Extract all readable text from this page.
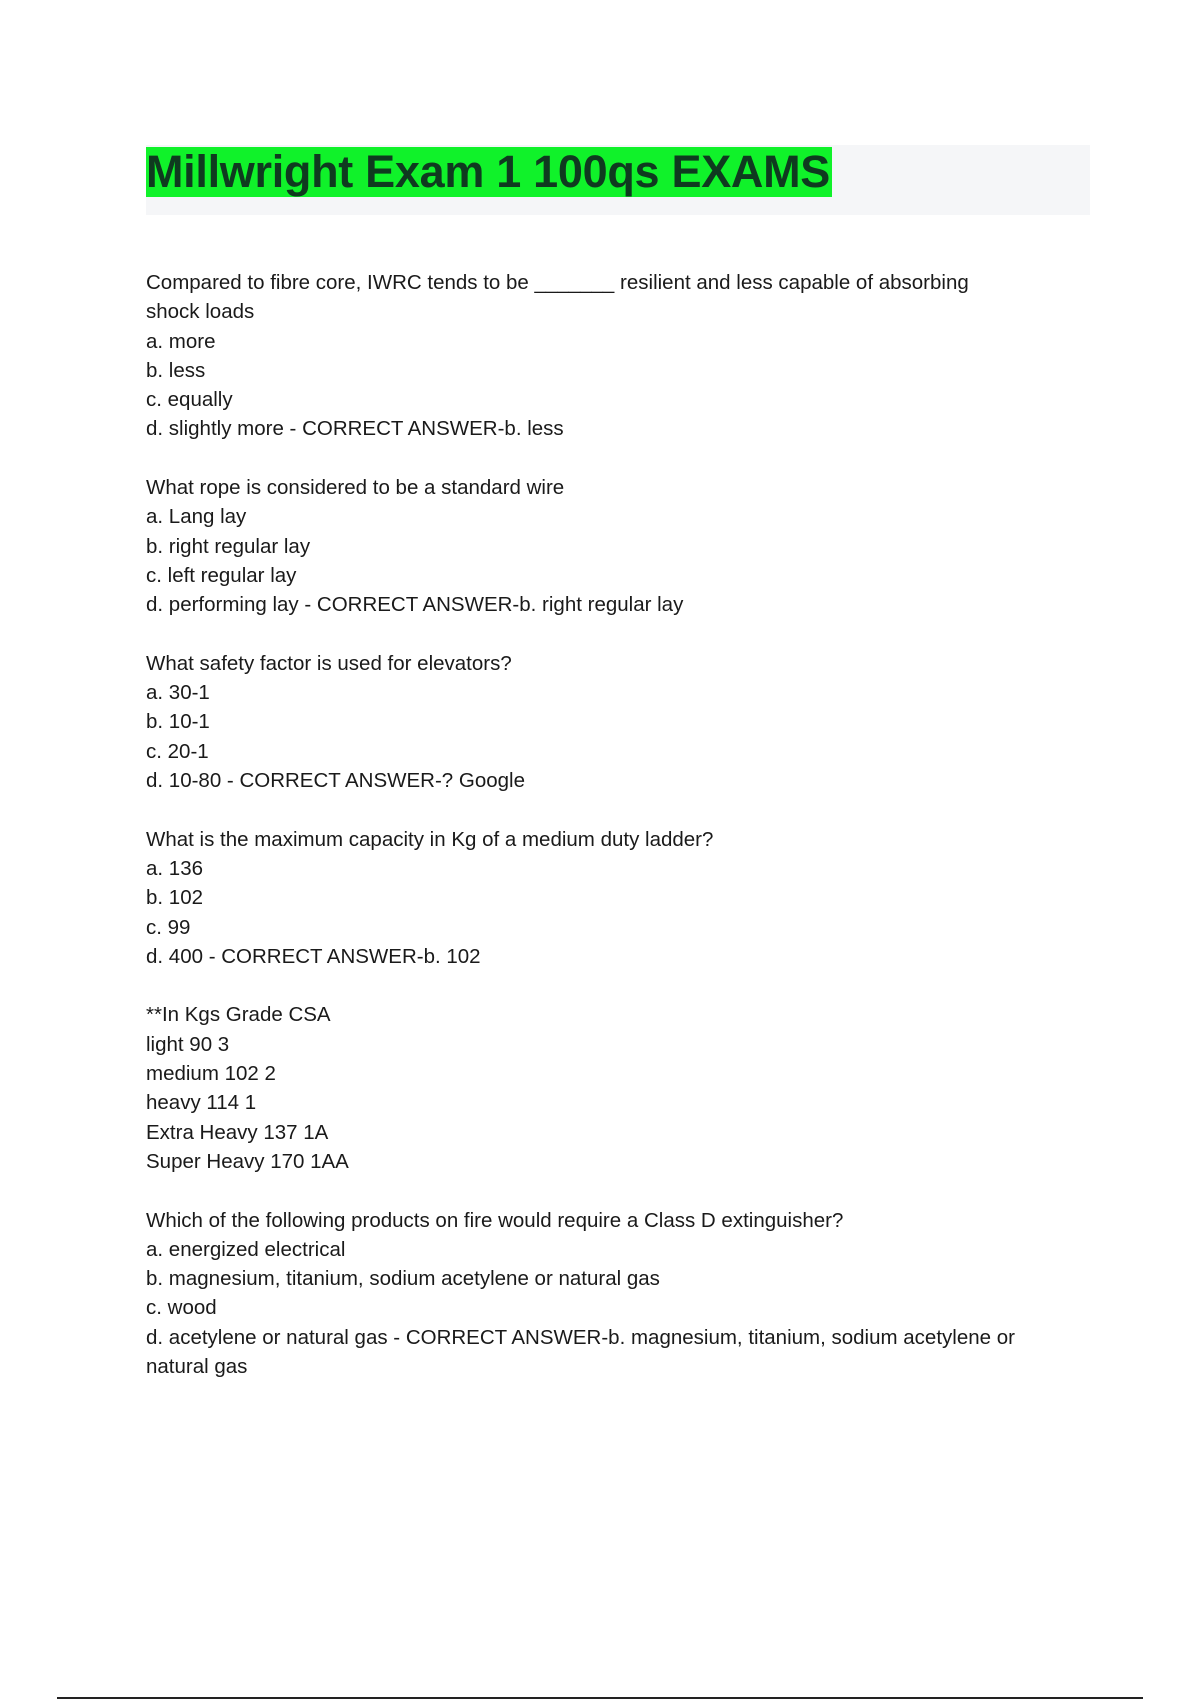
Millwright Exam 1 100qs EXAMS
Compared to fibre core, IWRC tends to be _______ resilient and less capable of absorbing
shock loads
a. more
b. less
c. equally
d. slightly more - CORRECT ANSWER-b. less
What rope is considered to be a standard wire
a. Lang lay
b. right regular lay
c. left regular lay
d. performing lay - CORRECT ANSWER-b. right regular lay
What safety factor is used for elevators?
a. 30-1
b. 10-1
c. 20-1
d. 10-80 - CORRECT ANSWER-? Google
What is the maximum capacity in Kg of a medium duty ladder?
a. 136
b. 102
c. 99
d. 400 - CORRECT ANSWER-b. 102
**In Kgs Grade CSA
light 90 3
medium 102 2
heavy 114 1
Extra Heavy 137 1A
Super Heavy 170 1AA
Which of the following products on fire would require a Class D extinguisher?
a. energized electrical
b. magnesium, titanium, sodium acetylene or natural gas
c. wood
d. acetylene or natural gas - CORRECT ANSWER-b. magnesium, titanium, sodium acetylene or
natural gas
